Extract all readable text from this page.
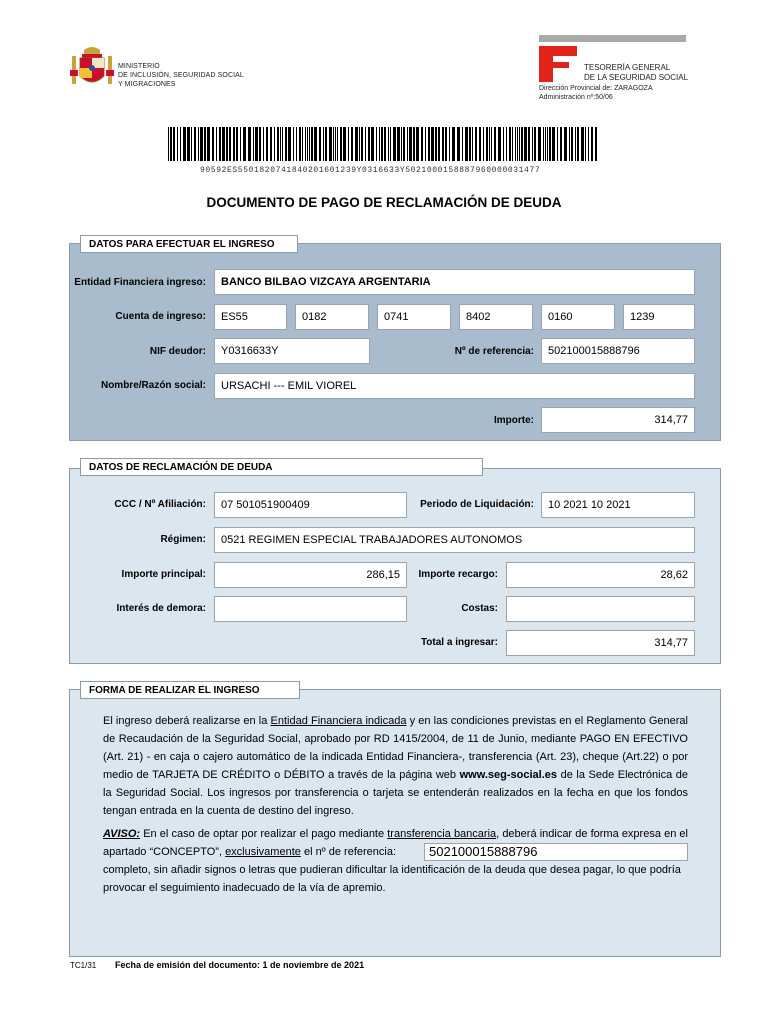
MINISTERIO
DE INCLUSIÓN, SEGURIDAD SOCIAL
Y MIGRACIONES
TESORERÍA GENERAL
DE LA SEGURIDAD SOCIAL
Dirección Provincial de: ZARAGOZA
Administración nº:50/06
90592ES5501820741840201601239Y0316633Y5021000158887960000031477
DOCUMENTO DE PAGO DE RECLAMACIÓN DE DEUDA
DATOS PARA EFECTUAR EL INGRESO
Entidad Financiera ingreso:	BANCO BILBAO VIZCAYA ARGENTARIA
Cuenta de ingreso:	ES55	0182	0741	8402	0160	1239
NIF deudor:	Y0316633Y	Nº de referencia:	502100015888796
Nombre/Razón social:	URSACHI --- EMIL VIOREL
Importe:	314,77
DATOS DE RECLAMACIÓN DE DEUDA
CCC / Nº Afiliación:	07 501051900409	Periodo de Liquidación:	10 2021 10 2021
Régimen:	0521 REGIMEN ESPECIAL TRABAJADORES AUTONOMOS
Importe principal:	286,15	Importe recargo:	28,62
Interés de demora:	Costas:
Total a ingresar:	314,77
FORMA DE REALIZAR EL INGRESO
El ingreso deberá realizarse en la Entidad Financiera indicada y en las condiciones previstas en el Reglamento General de Recaudación de la Seguridad Social, aprobado por RD 1415/2004, de 11 de Junio, mediante PAGO EN EFECTIVO (Art. 21) - en caja o cajero automático de la indicada Entidad Financiera-, transferencia (Art. 23), cheque (Art.22) o por medio de TARJETA DE CRÉDITO o DÉBITO a través de la página web www.seg-social.es de la Sede Electrónica de la Seguridad Social. Los ingresos por transferencia o tarjeta se entenderán realizados en la fecha en que los fondos tengan entrada en la cuenta de destino del ingreso.
AVISO: En el caso de optar por realizar el pago mediante transferencia bancaria, deberá indicar de forma expresa en el apartado “CONCEPTO”, exclusivamente el nº de referencia:	502100015888796
completo, sin añadir signos o letras que pudieran dificultar la identificación de la deuda que desea pagar, lo que podría provocar el seguimiento inadecuado de la vía de apremio.
TC1/31 Fecha de emisión del documento: 1 de noviembre de 2021
